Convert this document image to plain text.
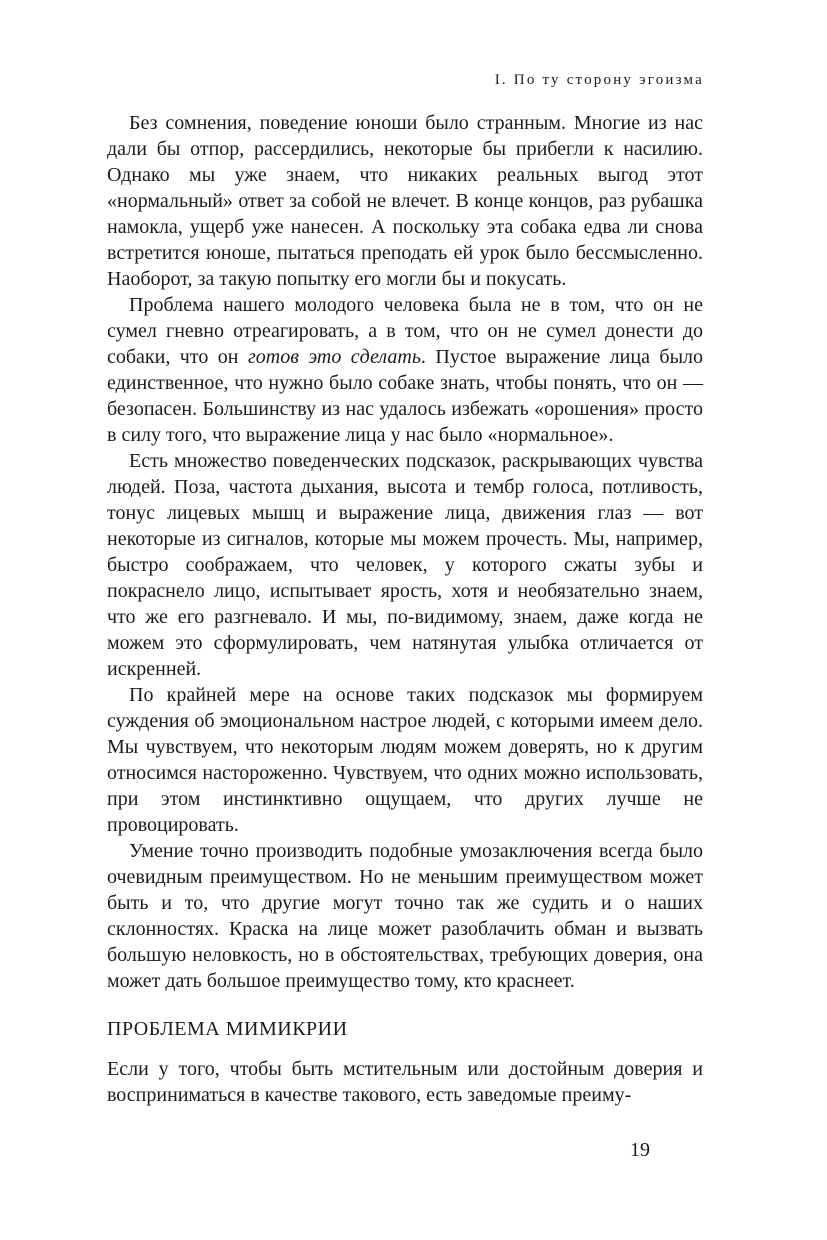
I. По ту сторону эгоизма

Без сомнения, поведение юноши было странным. Многие из нас дали бы отпор, рассердились, некоторые бы прибегли к насилию. Однако мы уже знаем, что никаких реальных выгод этот «нормальный» ответ за собой не влечет. В конце концов, раз рубашка намокла, ущерб уже нанесен. А поскольку эта собака едва ли снова встретится юноше, пытаться преподать ей урок было бессмысленно. Наоборот, за такую попытку его могли бы и покусать.

Проблема нашего молодого человека была не в том, что он не сумел гневно отреагировать, а в том, что он не сумел донести до собаки, что он готов это сделать. Пустое выражение лица было единственное, что нужно было собаке знать, чтобы понять, что он — безопасен. Большинству из нас удалось избежать «орошения» просто в силу того, что выражение лица у нас было «нормальное».

Есть множество поведенческих подсказок, раскрывающих чувства людей. Поза, частота дыхания, высота и тембр голоса, потливость, тонус лицевых мышц и выражение лица, движения глаз — вот некоторые из сигналов, которые мы можем прочесть. Мы, например, быстро соображаем, что человек, у которого сжаты зубы и покраснело лицо, испытывает ярость, хотя и необязательно знаем, что же его разгневало. И мы, по-видимому, знаем, даже когда не можем это сформулировать, чем натянутая улыбка отличается от искренней.

По крайней мере на основе таких подсказок мы формируем суждения об эмоциональном настрое людей, с которыми имеем дело. Мы чувствуем, что некоторым людям можем доверять, но к другим относимся настороженно. Чувствуем, что одних можно использовать, при этом инстинктивно ощущаем, что других лучше не провоцировать.

Умение точно производить подобные умозаключения всегда было очевидным преимуществом. Но не меньшим преимуществом может быть и то, что другие могут точно так же судить и о наших склонностях. Краска на лице может разоблачить обман и вызвать большую неловкость, но в обстоятельствах, требующих доверия, она может дать большое преимущество тому, кто краснеет.

ПРОБЛЕМА МИМИКРИИ

Если у того, чтобы быть мстительным или достойным доверия и восприниматься в качестве такового, есть заведомые преиму-

19
